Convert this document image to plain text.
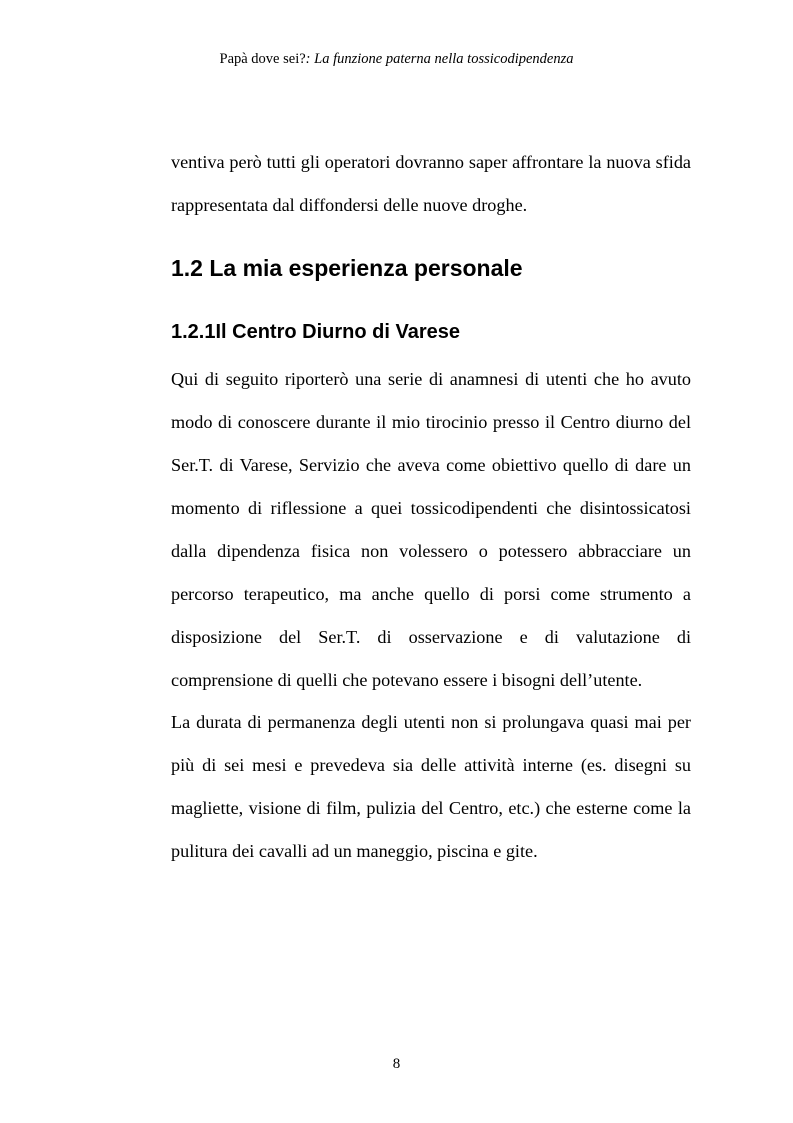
Papà dove sei?: La funzione paterna nella tossicodipendenza

ventiva però tutti gli operatori dovranno saper affrontare la nuova sfida rappresentata dal diffondersi delle nuove droghe.

1.2 La mia esperienza personale
1.2.1Il Centro Diurno di Varese

Qui di seguito riporterò una serie di anamnesi di utenti che ho avuto modo di conoscere durante il mio tirocinio presso il Centro diurno del Ser.T. di Varese, Servizio che aveva come obiettivo quello di dare un momento di riflessione a quei tossicodipendenti che disintossicatosi dalla dipendenza fisica non volessero o potessero abbracciare un percorso terapeutico, ma anche quello di porsi come strumento a disposizione del Ser.T. di osservazione e di valutazione di comprensione di quelli che potevano essere i bisogni dell’utente.

La durata di permanenza degli utenti non si prolungava quasi mai per più di sei mesi e prevedeva sia delle attività interne (es. disegni su magliette, visione di film, pulizia del Centro, etc.) che esterne come la pulitura dei cavalli ad un maneggio, piscina e gite.

8
